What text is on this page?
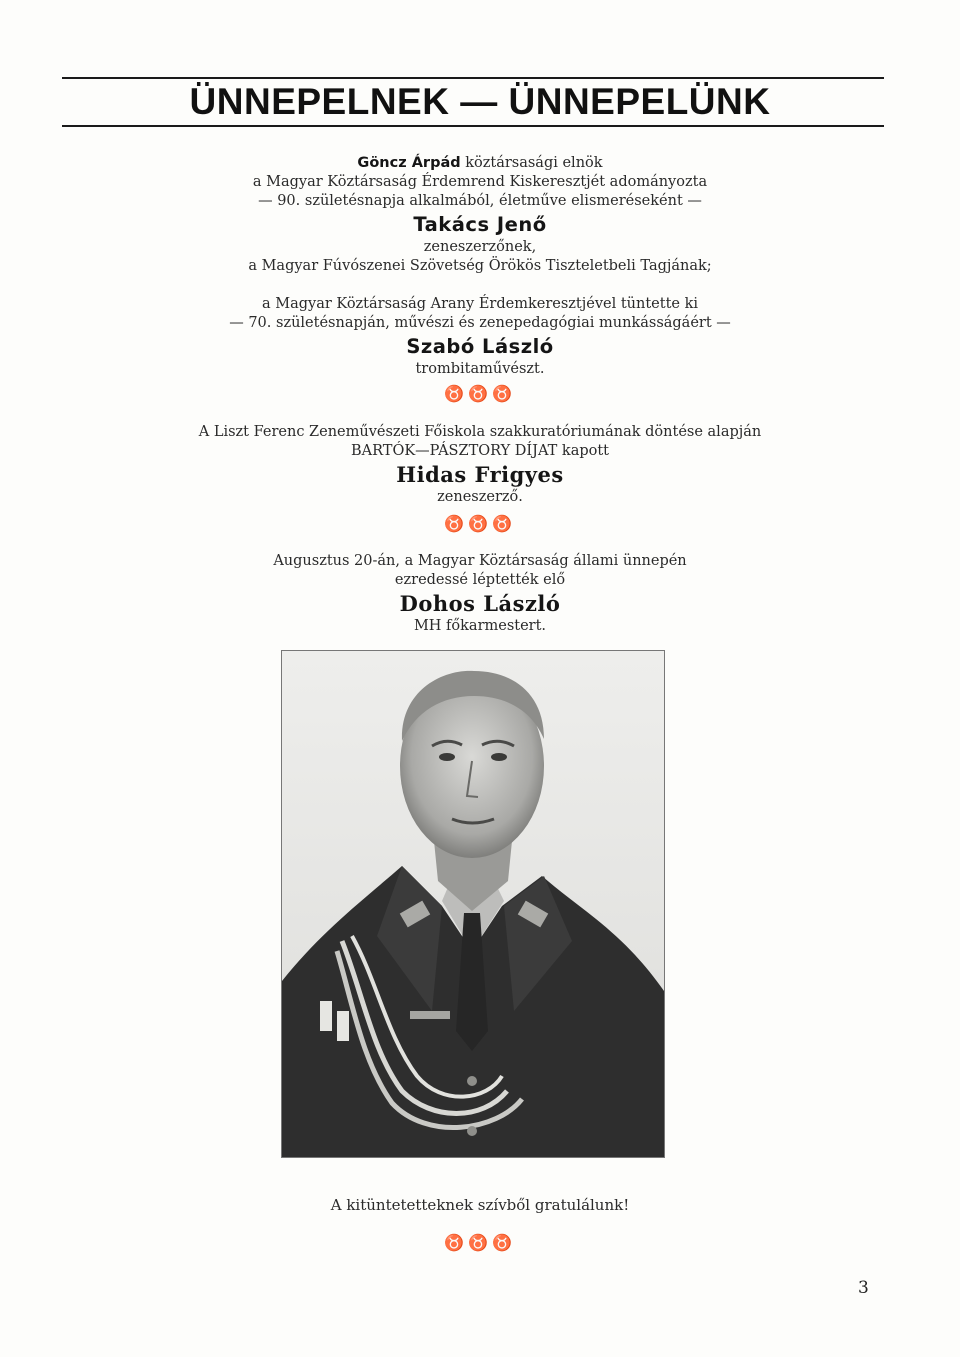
ÜNNEPELNEK — ÜNNEPELÜNK
Göncz Árpád köztársasági elnök
a Magyar Köztársaság Érdemrend Kiskeresztjét adományozta
— 90. születésnapja alkalmából, életműve elismeréseként —
Takács Jenő
zeneszerzőnek,
a Magyar Fúvószenei Szövetség Örökös Tiszteletbeli Tagjának;
a Magyar Köztársaság Arany Érdemkeresztjével tüntette ki
— 70. születésnapján, művészi és zenepedagógiai munkásságáért —
Szabó László
trombitaművészt.
♉♉♉
A Liszt Ferenc Zeneművészeti Főiskola szakkuratóriumának döntése alapján
BARTÓK—PÁSZTORY DÍJAT kapott
Hidas Frigyes
zeneszerző.
♉♉♉
Augusztus 20-án, a Magyar Köztársaság állami ünnepén
ezredessé léptették elő
Dohos László
MH főkarmestert.
A kitüntetetteknek szívből gratulálunk!
♉♉♉
3
